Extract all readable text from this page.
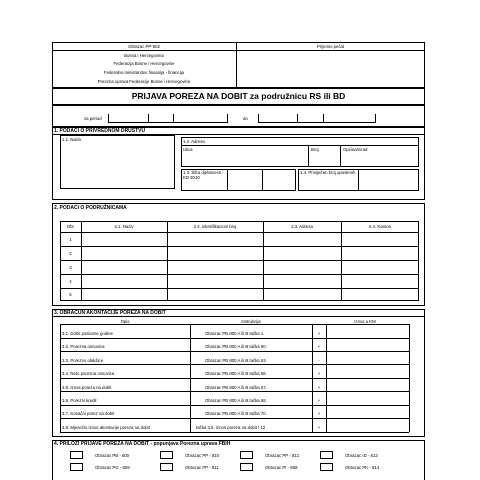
Obrazac PP-802	Prijemni pečat
Bosna i Hercegovina
Federacija Bosne i Hercegovine
Federalno ministarstvo finansija - financija
Porezna uprava Federacije Bosne i Hercegovine
PRIJAVA POREZA NA DOBIT za podružnicu RS ili BD
za period	do
1. PODACI O PRIVREDNOM DRUŠTVU
1.1. Naziv	1.2. Adresa
Ulica	Broj	Općina/Grad
1.3. Šifra djelatnosti - KD 2010
1.4. Prosječan broj uposlenih
2. PODACI O PODRUŽNICAMA
Rbr	2.1. Naziv	2.2. Identifikacioni broj	2.3. Adresa	2.4. Kanton
1
2
3
4
5
3. OBRAČUN AKONTACIJE POREZA NA DOBIT
Opis	Instrukcija	Iznos u KM
3.1. Dobit poslovne godine	Obrazac PB 800 A ili B tačka 1.	+
3.2. Porezna osnovica	Obrazac PB 800 A ili B tačka 60.	+
3.3. Porezno olakšice	Obrazac PB 800 A ili B tačka 63.	-
3.4. Neto porezna osnovica	Obrazac PB 800 A ili B tačka 66.	+
3.5. Iznos poreza na dobit	Obrazac PB 800 A ili B tačka 67.	+
3.6. Porezni kredit	Obrazac PB 800 A ili B tačka 68.	+
3.7. Konačni porez na dobit	Obrazac PB 800 A ili B tačka 70.	+
3.8. Mjesečni iznos akontacije poreza na dobit	tačka 3.5. Iznos poreza na dobit / 12	+
4. PRILOZI PRIJAVE POREZA NA DOBIT - popunjava Porezna uprava FBIH
Obrazac PB - 800	Obrazac PP - 810	Obrazac PP - 812	Obrazac ID - 813
Obrazac PG - 809	Obrazac PP - 811	Obrazac PI - 808	Obrazac PK - 814
